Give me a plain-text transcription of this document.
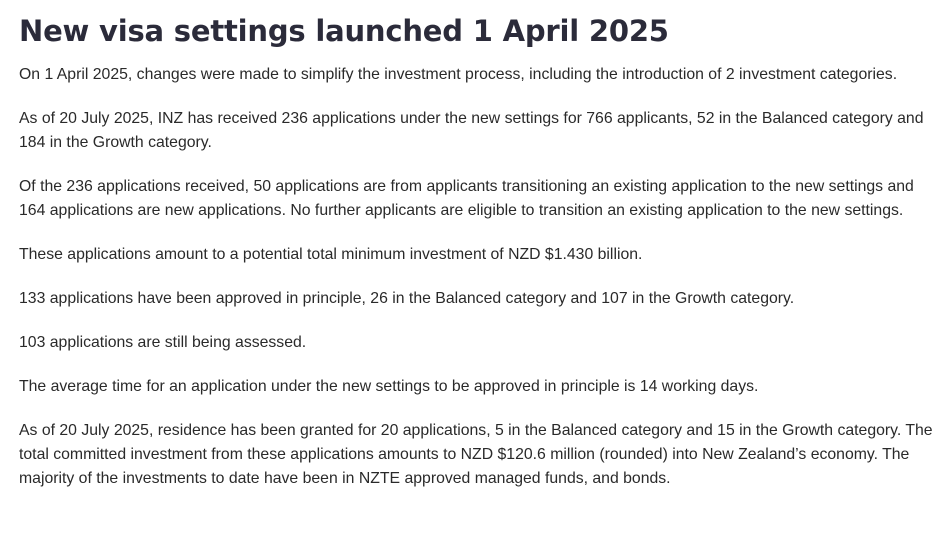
New visa settings launched 1 April 2025

On 1 April 2025, changes were made to simplify the investment process, including the introduction of 2 investment categories.

As of 20 July 2025, INZ has received 236 applications under the new settings for 766 applicants, 52 in the Balanced category and 184 in the Growth category.

Of the 236 applications received, 50 applications are from applicants transitioning an existing application to the new settings and 164 applications are new applications. No further applicants are eligible to transition an existing application to the new settings.

These applications amount to a potential total minimum investment of NZD $1.430 billion.

133 applications have been approved in principle, 26 in the Balanced category and 107 in the Growth category.

103 applications are still being assessed.

The average time for an application under the new settings to be approved in principle is 14 working days.

As of 20 July 2025, residence has been granted for 20 applications, 5 in the Balanced category and 15 in the Growth category. The total committed investment from these applications amounts to NZD $120.6 million (rounded) into New Zealand’s economy. The majority of the investments to date have been in NZTE approved managed funds, and bonds.
